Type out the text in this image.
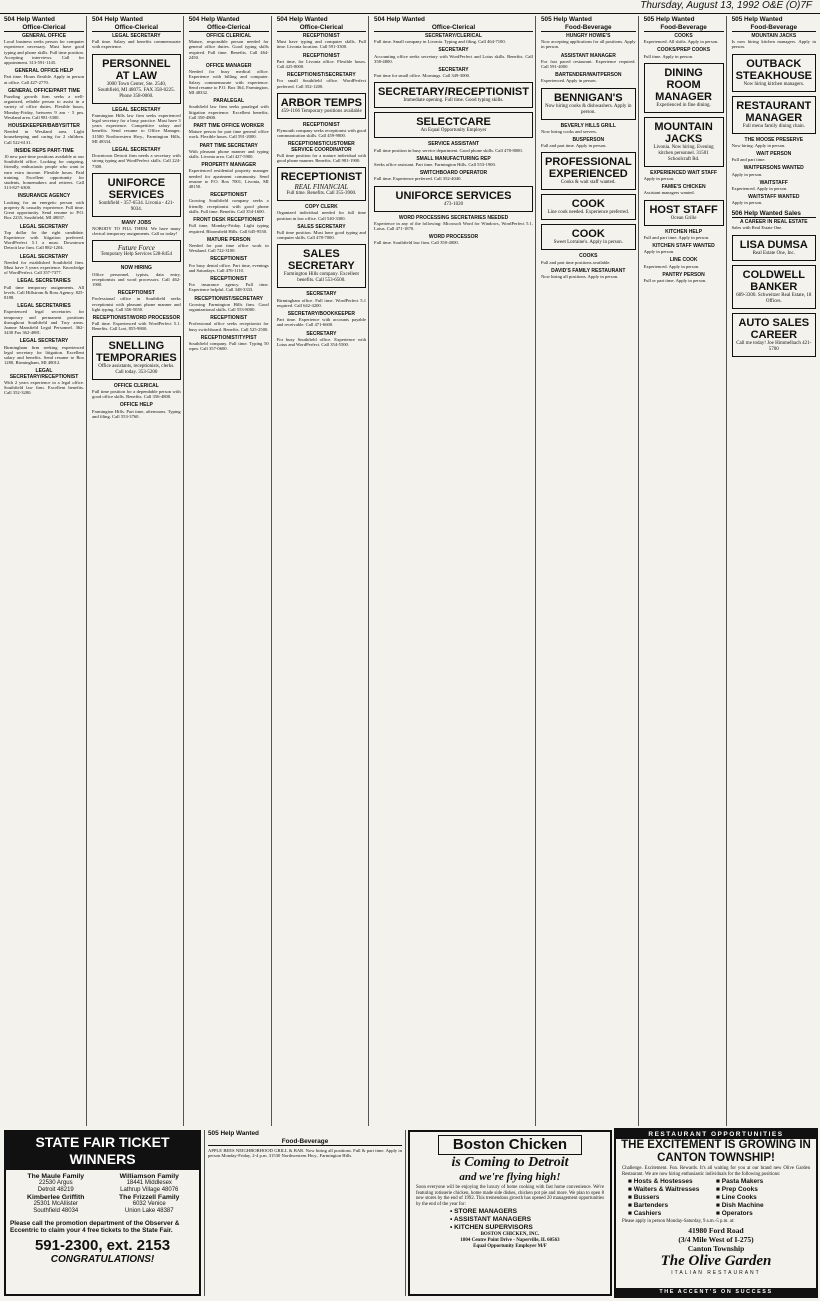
Thursday, August 13, 1992 O&E (O)7F
504 Help Wanted
Office-Clerical
GENERAL OFFICE
Local business seeks person for computer experience necessary. Must have good typing and phone skills. Full time position. Accepting interviews. Call for appointment. 313-591-1145.
GENERAL OFFICE HELP
Part time. Hours flexible. Apply in person at office. Call 427-2770.
GENERAL OFFICE/PART TIME
Puzzling growth firm seeks a well-organized, reliable person to assist in a variety of office duties. Flexible hours, Monday-Friday, between 9 am - 5 pm. Westland area. Call 981-3300.
HOUSEKEEPER/BABYSITTER
Needed in Westland area. Light housekeeping and caring for 2 children. Call 522-6131.
INSIDE REPS PART-TIME
10 new part-time positions available at our Southfield office. Looking for outgoing, friendly, enthusiastic people who want to earn extra income. Flexible hours. Paid training. Excellent opportunity for students, homemakers and retirees. Call 313-827-6300.
INSURANCE AGENCY
Looking for an energetic person with property & casualty experience. Full time. Great opportunity. Send resume to P.O. Box 2235, Southfield, MI 48037.
LEGAL SECRETARY
Top dollar for the right candidate. Experience with litigation preferred. WordPerfect 5.1 a must. Downtown Detroit law firm. Call 882-1204.
LEGAL SECRETARY
Needed for established Southfield firm. Must have 3 years experience. Knowledge of WordPerfect. Call 357-7377.
LEGAL SECRETARIES
Full time temporary assignments. All levels. Call Hillstrom & Ross Agency. 825-8188.
LEGAL SECRETARIES
Experienced legal secretaries for temporary and permanent positions throughout Southfield and Troy areas. Joanne Mansfield Legal Personnel. 362-3430 Fax 362-4881.
LEGAL SECRETARY
Birmingham firm seeking experienced legal secretary for litigation. Excellent salary and benefits. Send resume to Box 1280, Birmingham, MI 48012.
LEGAL SECRETARY/RECEPTIONIST
With 2 years experience in a legal office. Southfield law firm. Excellent benefits. Call 352-3200.
504 Help Wanted
Office-Clerical
LEGAL SECRETARY
Full time. Salary and benefits commensurate with experience.
PERSONNEL AT LAW
3000 Town Center, Ste. 2540, Southfield, MI 48075. FAX 358-0225. Phone 358-0060.
LEGAL SECRETARY
Farmington Hills law firm seeks experienced legal secretary for a busy practice. Must have 3 years experience. Competitive salary and benefits. Send resume to Office Manager, 31500 Northwestern Hwy., Farmington Hills, MI 48334.
LEGAL SECRETARY
Downtown Detroit firm needs a secretary with strong typing and WordPerfect skills. Call 224-7300.
UNIFORCE SERVICES
Southfield - 357-6534. Livonia - 421-9034.
MANY JOBS
NOBODY TO FILL THEM. We have many clerical temporary assignments. Call us today!
Future Force
Temporary Help Services 528-8454
NOW HIRING
Office personnel, typists, data entry, receptionists and word processors. Call 462-1900.
RECEPTIONIST
Professional office in Southfield seeks receptionist with pleasant phone manner and light typing. Call 356-5050.
RECEPTIONIST/WORD PROCESSOR
Full time. Experienced with WordPerfect 5.1. Benefits. Call Lori, 855-9800.
SNELLING TEMPORARIES
Office assistants, receptionists, clerks. Call today. 353-5200
OFFICE CLERICAL
Full time position for a dependable person with good office skills. Benefits. Call 356-4800.
OFFICE HELP
Farmington Hills. Part time, afternoons. Typing and filing. Call 553-3760.
504 Help Wanted
Office-Clerical
OFFICE CLERICAL
Mature, responsible person needed for general office duties. Good typing skills required. Full time. Benefits. Call 464-2450.
OFFICE MANAGER
Needed for busy medical office. Experience with billing and computer. Salary commensurate with experience. Send resume to P.O. Box 364, Farmington, MI 48332.
PARALEGAL
Southfield law firm seeks paralegal with litigation experience. Excellent benefits. Call 350-4800.
PART TIME OFFICE WORKER
Mature person for part time general office work. Flexible hours. Call 591-2000.
PART TIME SECRETARY
With pleasant phone manner and typing skills. Livonia area. Call 427-5900.
PROPERTY MANAGER
Experienced residential property manager needed for apartment community. Send resume to P.O. Box 7001, Livonia, MI 48150.
RECEPTIONIST
Growing Southfield company seeks a friendly receptionist with good phone skills. Full time. Benefits. Call 354-1600.
FRONT DESK RECEPTIONIST
Full time, Monday-Friday. Light typing required. Bloomfield Hills. Call 645-9530.
MATURE PERSON
Needed for part time office work in Westland. Call 722-3100.
RECEPTIONIST
For busy dental office. Part time, evenings and Saturdays. Call 476-1110.
RECEPTIONIST
For insurance agency. Full time. Experience helpful. Call 348-3333.
RECEPTIONIST/SECRETARY
Growing Farmington Hills firm. Good organizational skills. Call 553-8000.
RECEPTIONIST
Professional office seeks receptionist for busy switchboard. Benefits. Call 525-2500.
RECEPTIONIST/TYPIST
Southfield company. Full time. Typing 50 wpm. Call 357-0600.
504 Help Wanted
Office-Clerical
RECEPTIONIST
Must have typing and computer skills. Full time. Livonia location. Call 591-3300.
RECEPTIONIST
Part time, for Livonia office. Flexible hours. Call 425-8000.
RECEPTIONIST/SECRETARY
For small Southfield office. WordPerfect preferred. Call 352-1200.
ARBOR TEMPS
459-1166 Temporary positions available
RECEPTIONIST
Plymouth company seeks receptionist with good communication skills. Call 459-9800.
RECEPTIONIST/CUSTOMER SERVICE COORDINATOR
Full time position for a mature individual with good phone manner. Benefits. Call 981-1900.
RECEPTIONIST
REAL FINANCIAL
Full time. Benefits. Call 355-3900.
COPY CLERK
Organized individual needed for full time position in law office. Call 540-3300.
SALES SECRETARY
Full time position. Must have good typing and computer skills. Call 478-7000.
SALES SECRETARY
Farmington Hills company. Excellent benefits. Call 553-6500.
SECRETARY
Birmingham office. Full time. WordPerfect 5.1 required. Call 642-4200.
SECRETARY/BOOKKEEPER
Part time. Experience with accounts payable and receivable. Call 471-6600.
SECRETARY
For busy Southfield office. Experience with Lotus and WordPerfect. Call 354-5500.
504 Help Wanted
Office-Clerical
SECRETARY/CLERICAL
Full time. Small company in Livonia. Typing and filing. Call 464-7100.
SECRETARY
Accounting office seeks secretary with WordPerfect and Lotus skills. Benefits. Call 358-4800.
SECRETARY
Part time for small office. Mornings. Call 349-3000.
SECRETARY/RECEPTIONIST
Immediate opening. Full time. Good typing skills.
SELECTCARE
An Equal Opportunity Employer
SERVICE ASSISTANT
Full time position in busy service department. Good phone skills. Call 478-8000.
SMALL MANUFACTURING REP
Seeks office assistant. Part time. Farmington Hills. Call 553-1900.
SWITCHBOARD OPERATOR
Full time. Experience preferred. Call 352-4040.
UNIFORCE SERVICES
473-1020
WORD PROCESSING SECRETARIES NEEDED
Experience in any of the following: Microsoft Word for Windows, WordPerfect 5.1, Lotus. Call 471-1870.
WORD PROCESSOR
Full time. Southfield law firm. Call 350-4000.
505 Help Wanted
Food-Beverage
HUNGRY HOWIE'S
Now accepting applications for all positions. Apply in person.
ASSISTANT MANAGER
For fast paced restaurant. Experience required. Call 591-4000.
BARTENDER/WAITPERSON
Experienced. Apply in person.
BENNIGAN'S
Now hiring cooks & dishwashers. Apply in person.
BEVERLY HILLS GRILL
Now hiring cooks and servers.
BUSPERSON
Full and part time. Apply in person.
PROFESSIONAL EXPERIENCED
Cooks & wait staff wanted.
COOK
Line cook needed. Experience preferred.
COOK
Sweet Lorraine's. Apply in person.
COOKS
Full and part time positions available.
DAVID'S FAMILY RESTAURANT
Now hiring all positions. Apply in person.
505 Help Wanted
Food-Beverage
COOKS
Experienced. All shifts. Apply in person.
COOKS/PREP COOKS
Full time. Apply in person.
DINING ROOM MANAGER
Experienced in fine dining.
MOUNTAIN JACKS
Livonia. Now hiring. Evening kitchen personnel. 31501 Schoolcraft Rd.
EXPERIENCED WAIT STAFF
Apply in person.
FAMIE'S CHICKEN
Assistant managers wanted.
HOST STAFF
Ocean Grille
KITCHEN HELP
Full and part time. Apply in person.
KITCHEN STAFF WANTED
Apply in person.
LINE COOK
Experienced. Apply in person.
PANTRY PERSON
Full or part time. Apply in person.
505 Help Wanted
Food-Beverage
MOUNTAIN JACKS
Is now hiring kitchen managers. Apply in person.
OUTBACK STEAKHOUSE
Now hiring kitchen managers.
RESTAURANT MANAGER
Full menu family dining chain.
THE MOOSE PRESERVE
Now hiring. Apply in person.
WAIT PERSON
Full and part time.
WAITPERSONS WANTED
Apply in person.
WAITSTAFF
Experienced. Apply in person.
WAITSTAFF WANTED
Apply in person.
506 Help Wanted Sales
A CAREER IN REAL ESTATE
Sales with Real Estate One.
LISA DUMSA
Real Estate One, Inc.
COLDWELL BANKER
689-3300. Schweitzer Real Estate, 18 Offices.
AUTO SALES CAREER
Call me today! Joe Himmelbach 421-5700
505 Help Wanted
Food-Beverage
APPLE BEES NEIGHBORHOOD GRILL & BAR. Now hiring all positions. Full & part time. Apply in person Monday-Friday, 2-4 p.m. 31530 Northwestern Hwy., Farmington Hills.
STATE FAIR TICKET WINNERS
The Maule Family
22530 Argus
Detroit 48219
Williamson Family
18441 Middlesex
Lathrup Village 48076
Kimberlee Griffith
25301 McAllister
Southfield 48034
The Frizzell Family
6032 Venice
Union Lake 48387
Please call the promotion department of the Observer & Eccentric to claim your 4 free tickets to the State Fair.
591-2300, ext. 2153
CONGRATULATIONS!
Boston Chicken
is Coming to Detroit
and we're flying high!
Soon everyone will be enjoying the luxury of home cooking with fast home convenience. We're featuring rotisserie chicken, home made side dishes, chicken pot pie and more. We plan to open 8 new stores by the end of 1992. This tremendous growth has opened 20 management opportunities by the end of the year for:
• STORE MANAGERS
• ASSISTANT MANAGERS
• KITCHEN SUPERVISORS
BOSTON CHICKEN, INC.
1804 Centre Point Drive - Naperville, IL 60563
Equal Opportunity Employer M/F
RESTAURANT OPPORTUNITIES
THE EXCITEMENT IS GROWING IN CANTON TOWNSHIP!
Challenge. Excitement. Fun. Rewards. It's all waiting for you at our brand new Olive Garden Restaurant. We are now hiring enthusiastic individuals for the following positions:
■ Hosts & Hostesses	■ Pasta Makers
■ Waiters & Waitresses	■ Prep Cooks
■ Bussers	■ Line Cooks
■ Bartenders	■ Dish Machine
■ Cashiers	■ Operators
Please apply in person Monday-Saturday, 9 a.m.-5 p.m. at:
41980 Ford Road
(3/4 Mile West of I-275)
Canton Township
The Olive Garden
ITALIAN RESTAURANT
THE ACCENT'S ON SUCCESS
